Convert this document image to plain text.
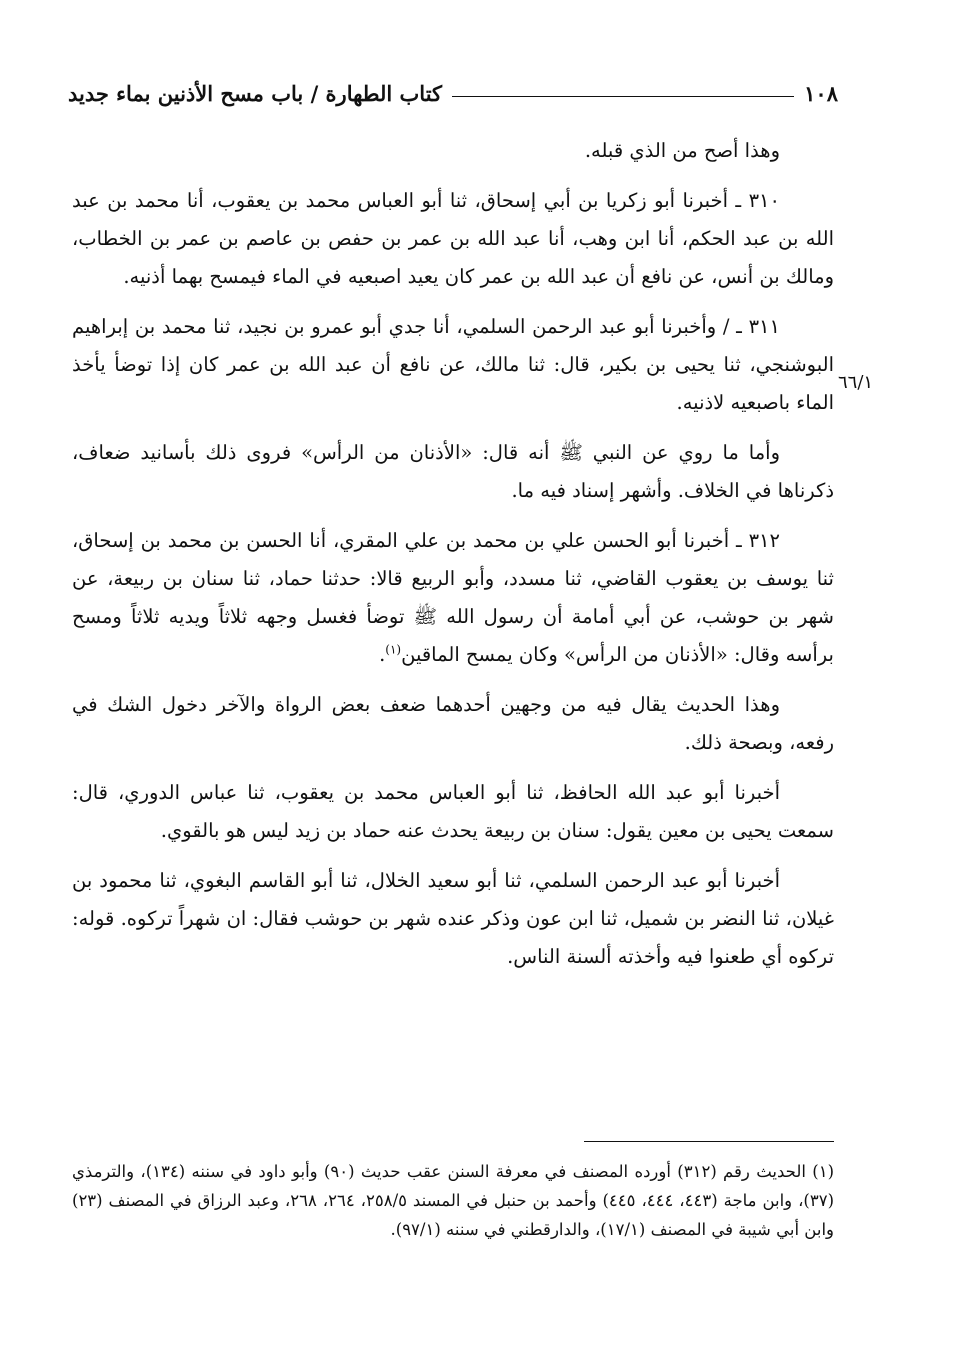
١٠٨
كتاب الطهارة / باب مسح الأذنين بماء جديد
٦٦/١

وهذا أصح من الذي قبله.

٣١٠ ـ أخبرنا أبو زكريا بن أبي إسحاق، ثنا أبو العباس محمد بن يعقوب، أنا محمد بن عبد الله بن عبد الحكم، أنا ابن وهب، أنا عبد الله بن عمر بن حفص بن عاصم بن عمر بن الخطاب، ومالك بن أنس، عن نافع أن عبد الله بن عمر كان يعيد اصبعيه في الماء فيمسح بهما أذنيه.

٣١١ ـ / وأخبرنا أبو عبد الرحمن السلمي، أنا جدي أبو عمرو بن نجيد، ثنا محمد بن إبراهيم البوشنجي، ثنا يحيى بن بكير، قال: ثنا مالك، عن نافع أن عبد الله بن عمر كان إذا توضأ يأخذ الماء باصبعيه لاذنيه.

وأما ما روي عن النبي ﷺ أنه قال: «الأذنان من الرأس» فروى ذلك بأسانيد ضعاف، ذكرناها في الخلاف. وأشهر إسناد فيه ما.

٣١٢ ـ أخبرنا أبو الحسن علي بن محمد بن علي المقري، أنا الحسن بن محمد بن إسحاق، ثنا يوسف بن يعقوب القاضي، ثنا مسدد، وأبو الربيع قالا: حدثنا حماد، ثنا سنان بن ربيعة، عن شهر بن حوشب، عن أبي أمامة أن رسول الله ﷺ توضأ فغسل وجهه ثلاثاً ويديه ثلاثاً ومسح برأسه وقال: «الأذنان من الرأس» وكان يمسح الماقين$^{(١)}$.

وهذا الحديث يقال فيه من وجهين أحدهما ضعف بعض الرواة والآخر دخول الشك في رفعه، وبصحة ذلك.

أخبرنا أبو عبد الله الحافظ، ثنا أبو العباس محمد بن يعقوب، ثنا عباس الدوري، قال: سمعت يحيى بن معين يقول: سنان بن ربيعة يحدث عنه حماد بن زيد ليس هو بالقوي.

أخبرنا أبو عبد الرحمن السلمي، ثنا أبو سعيد الخلال، ثنا أبو القاسم البغوي، ثنا محمود بن غيلان، ثنا النضر بن شميل، ثنا ابن عون وذكر عنده شهر بن حوشب فقال: ان شهراً تركوه. قوله: تركوه أي طعنوا فيه وأخذته ألسنة الناس.

(١) الحديث رقم (٣١٢) أورده المصنف في معرفة السنن عقب حديث (٩٠) وأبو داود في سننه (١٣٤)، والترمذي (٣٧)، وابن ماجة (٤٤٣، ٤٤٤، ٤٤٥) وأحمد بن حنبل في المسند ٢٥٨/٥، ٢٦٤، ٢٦٨، وعبد الرزاق في المصنف (٢٣) وابن أبي شيبة في المصنف (١٧/١)، والدارقطني في سننه (٩٧/١).
